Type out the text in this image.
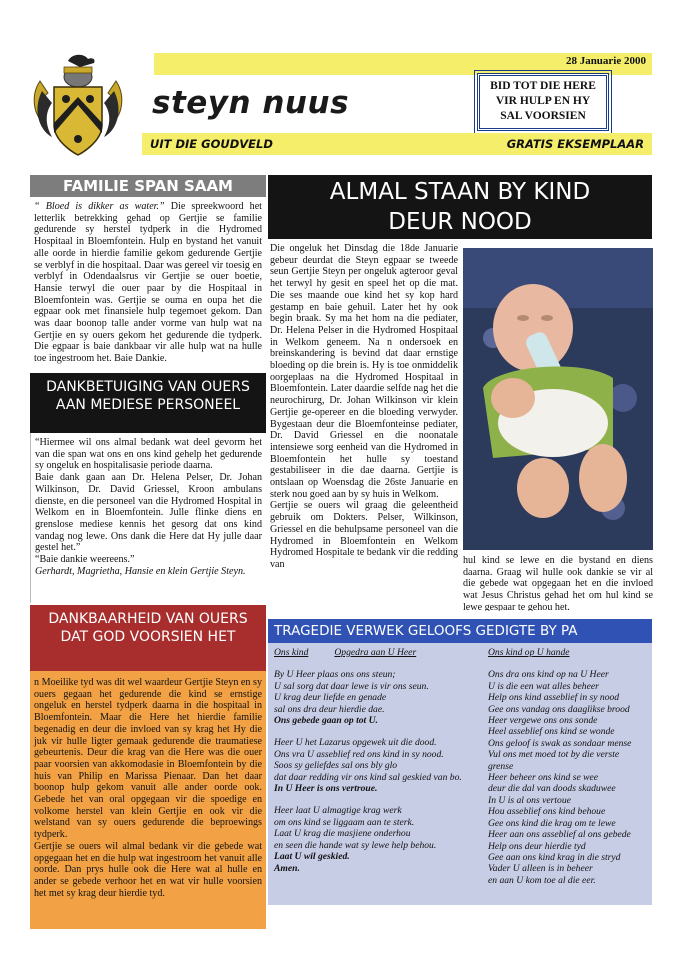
28 Januarie 2000
steyn nuus	BID TOT DIE HERE
VIR HULP EN HY
SAL VOORSIEN
UIT DIE GOUDVELD	GRATIS EKSEMPLAAR
FAMILIE SPAN SAAM
“ Bloed is dikker as water.” Die spreekwoord het letterlik betrekking gehad op Gertjie se familie gedurende sy herstel tydperk in die Hydromed Hospitaal in Bloemfontein. Hulp en bystand het vanuit alle oorde in hierdie familie gekom gedurende Gertjie se verblyf in die hospitaal. Daar was gereel vir toesig en verblyf in Odendaalsrus vir Gertjie se ouer boetie, Hansie terwyl die ouer paar by die Hospitaal in Bloemfontein was. Gertjie se ouma en oupa het die egpaar ook met finansiele hulp tegemoet gekom. Dan was daar boonop talle ander vorme van hulp wat na Gertjie en sy ouers gekom het gedurende die tydperk. Die egpaar is baie dankbaar vir alle hulp wat na hulle toe ingestroom het. Baie Dankie.
DANKBETUIGING VAN OUERS AAN MEDIESE PERSONEEL
“Hiermee wil ons almal bedank wat deel gevorm het van die span wat ons en ons kind gehelp het gedurende sy ongeluk en hospitalisasie periode daarna.
Baie dank gaan aan Dr. Helena Pelser, Dr. Johan Wilkinson, Dr. David Griessel, Kroon ambulans dienste, en die personeel van die Hydromed Hospital in Welkom en in Bloemfontein. Julle flinke diens en grenslose mediese kennis het gesorg dat ons kind vandag nog lewe. Ons dank die Here dat Hy julle daar gestel het.”
“Baie dankie weereens.”
Gerhardt, Magrietha, Hansie en klein Gertjie Steyn.
DANKBAARHEID VAN OUERS DAT GOD VOORSIEN HET
n Moeilike tyd was dit wel waardeur Gertjie Steyn en sy ouers gegaan het gedurende die kind se ernstige ongeluk en herstel tydperk daarna in die hospitaal in Bloemfontein. Maar die Here het hierdie familie begenadig en deur die invloed van sy krag het Hy die juk vir hulle ligter gemaak gedurende die traumatiese gebeurtenis. Deur die krag van die Here was die ouer paar voorsien van akkomodasie in Bloemfontein by die huis van Philip en Marissa Pienaar. Dan het daar boonop hulp gekom vanuit alle ander oorde ook. Gebede het van oral opgegaan vir die spoedige en volkome herstel van klein Gertjie en ook vir die welstand van sy ouers gedurende die beproewings tydperk.
Gertjie se ouers wil almal bedank vir die gebede wat opgegaan het en die hulp wat ingestroom het vanuit alle oorde. Dan prys hulle ook die Here wat al hulle en ander se gebede verhoor het en wat vir hulle voorsien het met sy krag deur hierdie tyd.
ALMAL STAAN BY KIND
DEUR NOOD
Die ongeluk het Dinsdag die 18de Januarie gebeur deurdat die Steyn egpaar se tweede seun Gertjie Steyn per ongeluk agteroor geval het terwyl hy gesit en speel het op die mat. Die ses maande oue kind het sy kop hard gestamp en baie gehuil. Later het hy ook begin braak. Sy ma het hom na die pediater, Dr. Helena Pelser in die Hydromed Hospitaal in Welkom geneem. Na n ondersoek en breinskandering is bevind dat daar ernstige bloeding op die brein is. Hy is toe onmiddelik oorgeplaas na die Hydromed Hospitaal in Bloemfontein. Later daardie selfde nag het die neurochirurg, Dr. Johan Wilkinson vir klein Gertjie ge-opereer en die bloeding verwyder. Bygestaan deur die Bloemfonteinse pediater, Dr. David Griessel en die noonatale intensiewe sorg eenheid van die Hydromed in Bloemfontein het hulle sy toestand gestabiliseer in die dae daarna. Gertjie is ontslaan op Woensdag die 26ste Januarie en sterk nou goed aan by sy huis in Welkom.
Gertjie se ouers wil graag die geleentheid gebruik om Dokters. Pelser, Wilkinson, Griessel en die behulpsame personeel van die Hydromed in Bloemfontein en Welkom Hydromed Hospitale te bedank vir die redding van	hul kind se lewe en die bystand en diens daarna. Graag wil hulle ook dankie se vir al die gebede wat opgegaan het en die invloed wat Jesus Christus gehad het om hul kind se lewe gespaar te gehou het.
TRAGEDIE VERWEK GELOOFS GEDIGTE BY PA
Ons kind	Opgedra aan U Heer
By U Heer plaas ons ons steun;
U sal sorg dat daar lewe is vir ons seun.
U krag deur liefde en genade
sal ons dra deur hierdie dae.
Ons gebede gaan op tot U.
Heer U het Lazarus opgewek uit die dood.
Ons vra U asseblief red ons kind in sy nood.
Soos sy geliefdes sal ons bly glo
dat daar redding vir ons kind sal geskied van bo.
In U Heer is ons vertroue.
Heer laat U almagtige krag werk
om ons kind se liggaam aan te sterk.
Laat U krag die masjiene onderhou
en seen die hande wat sy lewe help behou.
Laat U wil geskied.
Amen.
Ons kind op U hande
Ons dra ons kind op na U Heer
U is die een wat alles beheer
Help ons kind asseblief in sy nood
Gee ons vandag ons daaglikse brood
Heer vergewe ons ons sonde
Heel asseblief ons kind se wonde
Ons geloof is swak as sondaar mense
Vul ons met moed tot by die verste
grense
Heer beheer ons kind se wee
deur die dal van doods skaduwee
In U is al ons vertoue
Hou asseblief ons kind behoue
Gee ons kind die krag om te lewe
Heer aan ons asseblief al ons gebede
Help ons deur hierdie tyd
Gee aan ons kind krag in die stryd
Vader U alleen is in beheer
en aan U kom toe al die eer.
